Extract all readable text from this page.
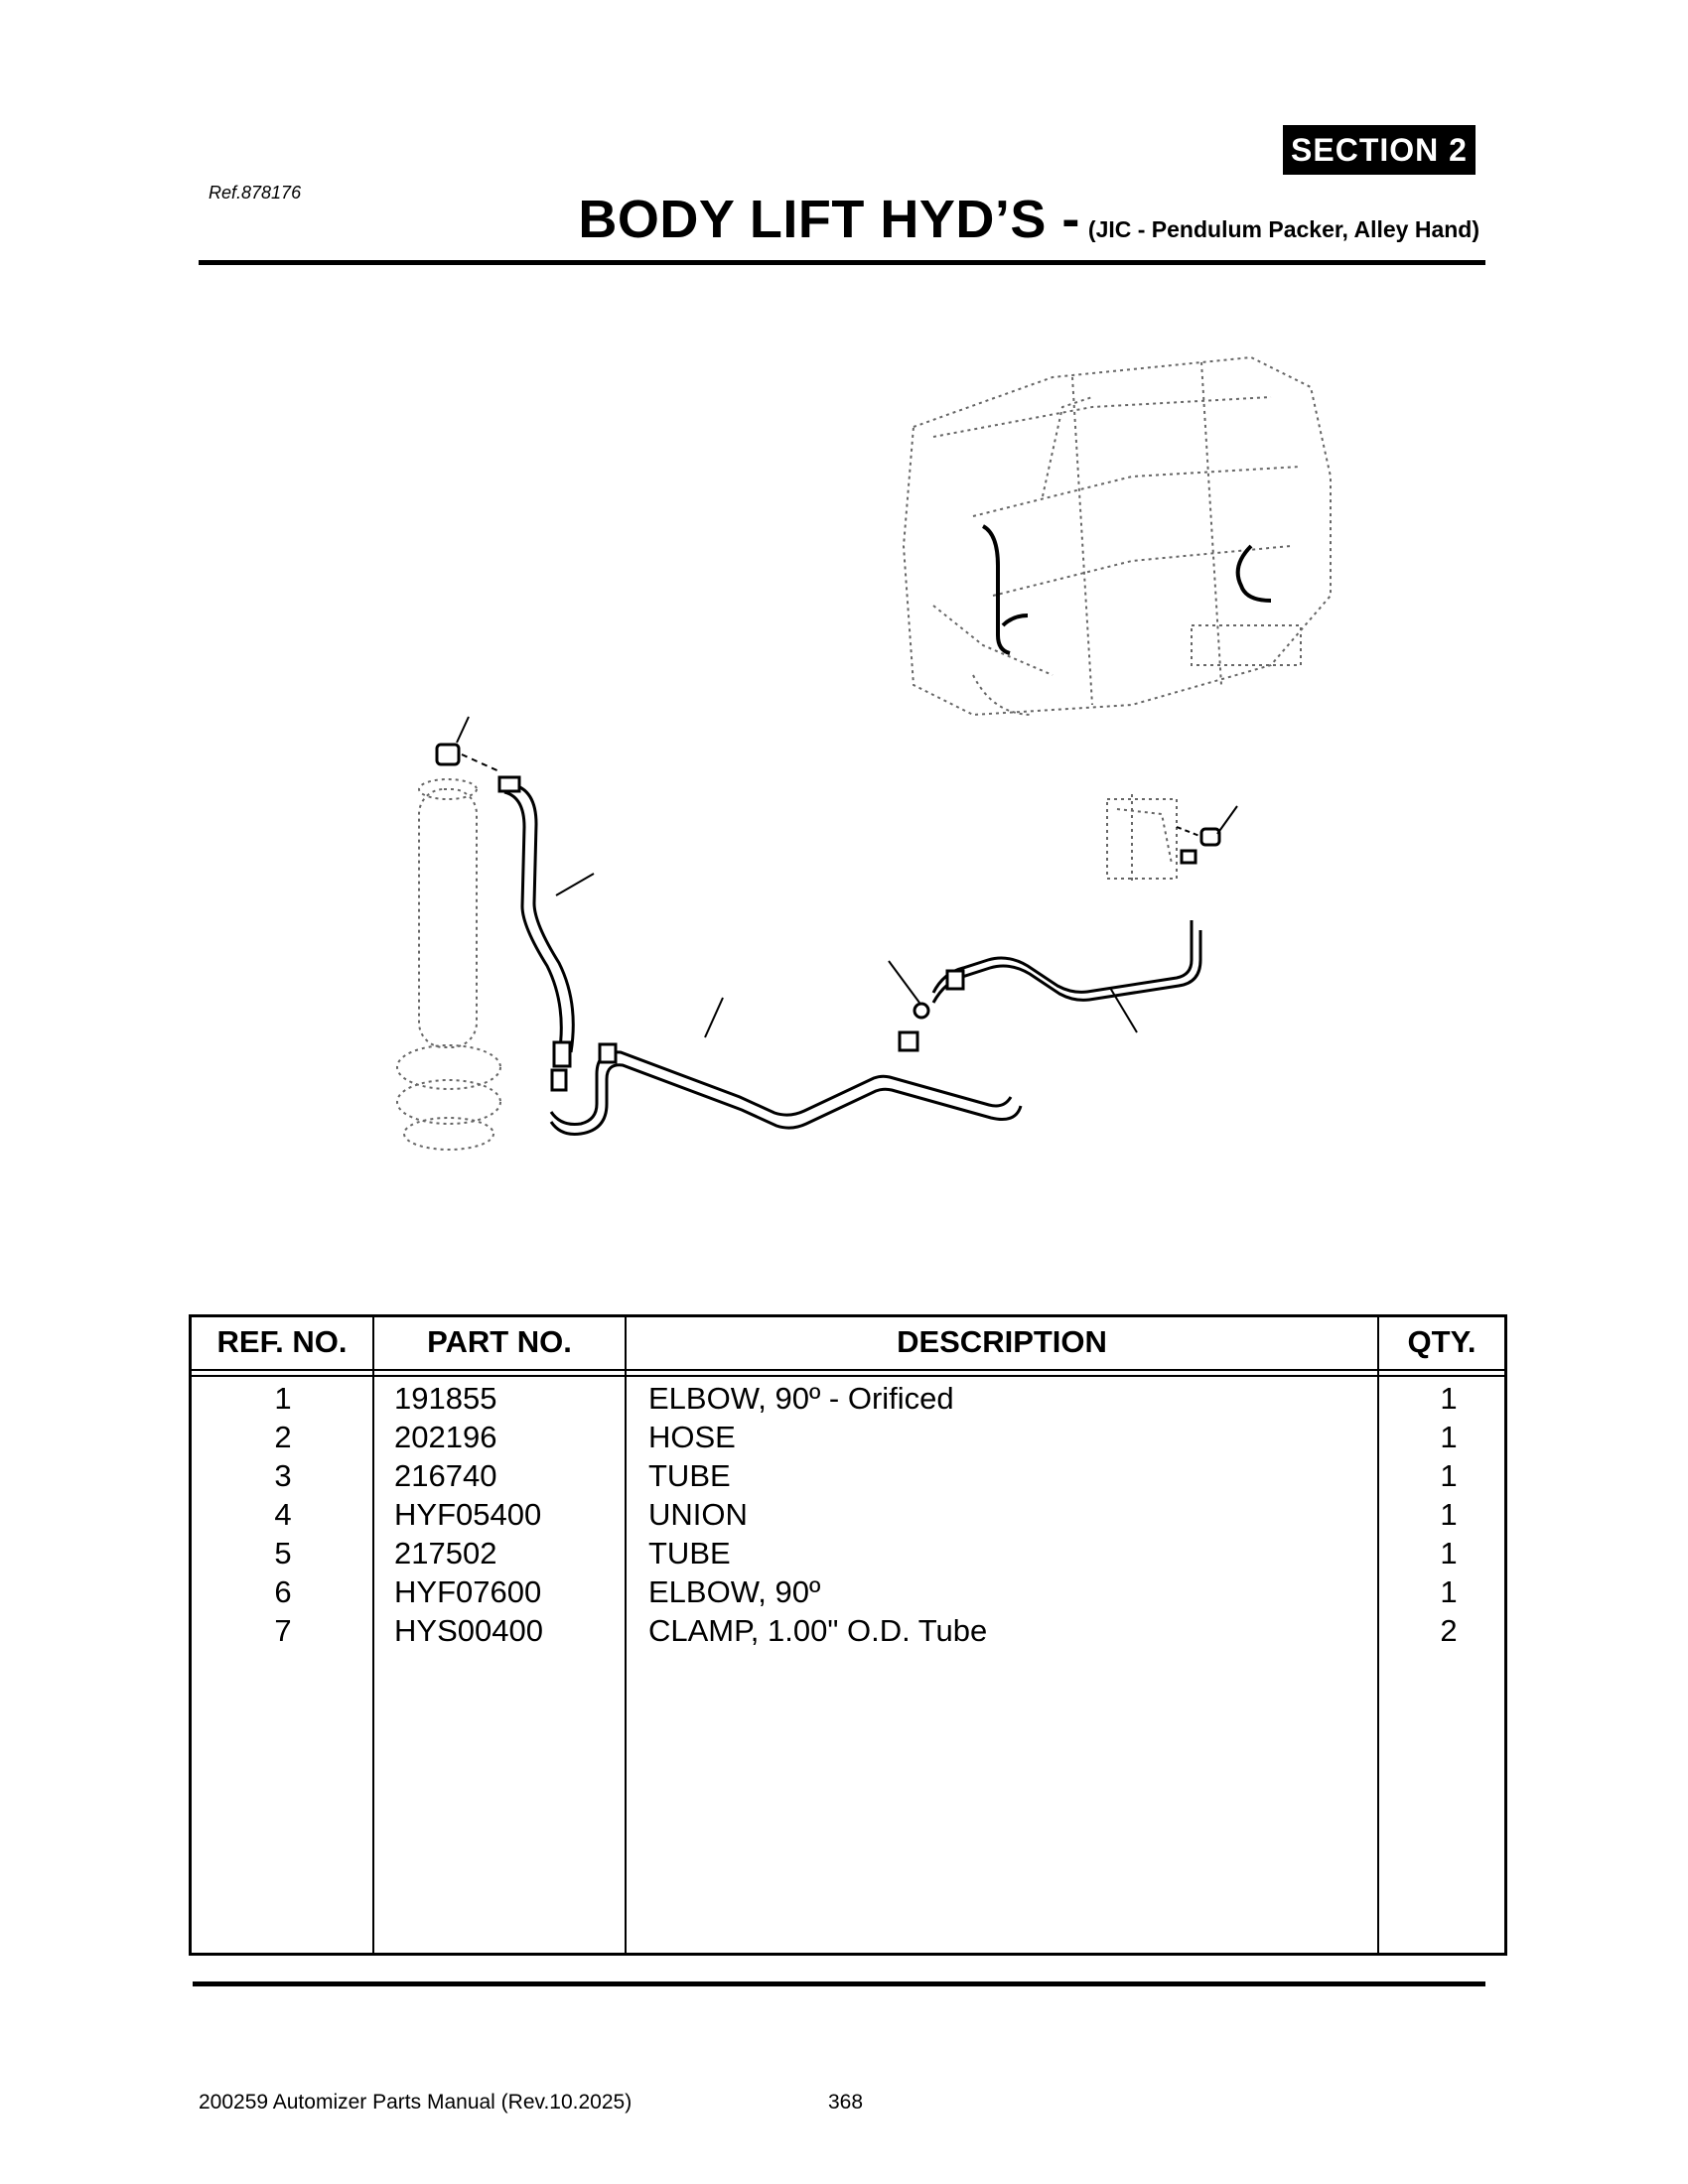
SECTION 2
Ref.878176	BODY LIFT HYD’S - (JIC - Pendulum Packer, Alley Hand)
REF. NO.	PART NO.	DESCRIPTION	QTY.
1	191855	ELBOW, 90º - Orificed	1
2	202196	HOSE	1
3	216740	TUBE	1
4	HYF05400	UNION	1
5	217502	TUBE	1
6	HYF07600	ELBOW, 90º	1
7	HYS00400	CLAMP, 1.00" O.D. Tube	2
200259 Automizer Parts Manual (Rev.10.2025)	368
